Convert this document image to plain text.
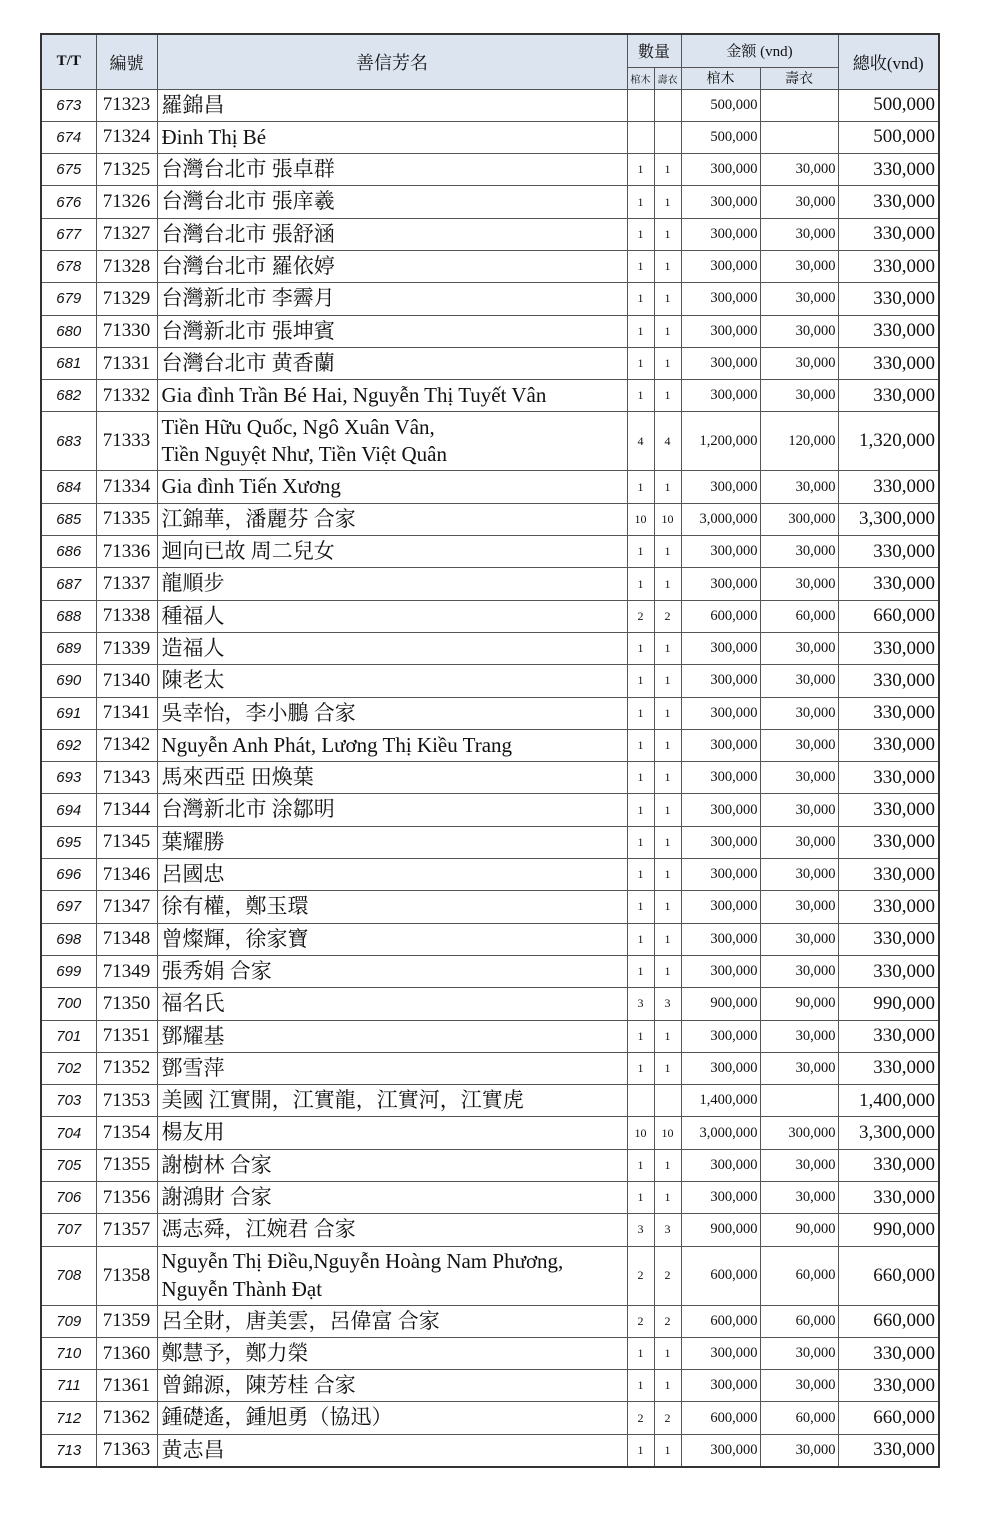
T/T	編號	善信芳名	數量		金额 (vnd)		總收(vnd)
			棺木	壽衣	棺木	壽衣	
673	71323	羅錦昌			500,000		500,000
674	71324	Đinh Thị Bé			500,000		500,000
675	71325	台灣台北市 張卓群	1	1	300,000	30,000	330,000
676	71326	台灣台北市 張庠羲	1	1	300,000	30,000	330,000
677	71327	台灣台北市 張舒涵	1	1	300,000	30,000	330,000
678	71328	台灣台北市 羅依婷	1	1	300,000	30,000	330,000
679	71329	台灣新北市 李霽月	1	1	300,000	30,000	330,000
680	71330	台灣新北市 張坤賓	1	1	300,000	30,000	330,000
681	71331	台灣台北市 黄香蘭	1	1	300,000	30,000	330,000
682	71332	Gia đình Trần Bé Hai, Nguyễn Thị Tuyết Vân	1	1	300,000	30,000	330,000
683	71333	Tiền Hữu Quốc, Ngô Xuân Vân,
Tiền Nguyệt Như, Tiền Việt Quân	4	4	1,200,000	120,000	1,320,000
684	71334	Gia đình Tiến Xương	1	1	300,000	30,000	330,000
685	71335	江錦華，潘麗芬 合家	10	10	3,000,000	300,000	3,300,000
686	71336	迴向已故 周二兒女	1	1	300,000	30,000	330,000
687	71337	龍順步	1	1	300,000	30,000	330,000
688	71338	種福人	2	2	600,000	60,000	660,000
689	71339	造福人	1	1	300,000	30,000	330,000
690	71340	陳老太	1	1	300,000	30,000	330,000
691	71341	吳幸怡，李小鵬 合家	1	1	300,000	30,000	330,000
692	71342	Nguyễn Anh Phát, Lương Thị Kiều Trang	1	1	300,000	30,000	330,000
693	71343	馬來西亞 田煥葉	1	1	300,000	30,000	330,000
694	71344	台灣新北市 涂鄒明	1	1	300,000	30,000	330,000
695	71345	葉耀勝	1	1	300,000	30,000	330,000
696	71346	呂國忠	1	1	300,000	30,000	330,000
697	71347	徐有權，鄭玉環	1	1	300,000	30,000	330,000
698	71348	曾燦輝，徐家寶	1	1	300,000	30,000	330,000
699	71349	張秀娟 合家	1	1	300,000	30,000	330,000
700	71350	福名氏	3	3	900,000	90,000	990,000
701	71351	鄧耀基	1	1	300,000	30,000	330,000
702	71352	鄧雪萍	1	1	300,000	30,000	330,000
703	71353	美國 江實開，江實龍，江實河，江實虎			1,400,000		1,400,000
704	71354	楊友用	10	10	3,000,000	300,000	3,300,000
705	71355	謝樹林 合家	1	1	300,000	30,000	330,000
706	71356	謝鴻財 合家	1	1	300,000	30,000	330,000
707	71357	馮志舜，江婉君 合家	3	3	900,000	90,000	990,000
708	71358	Nguyễn Thị Điều,Nguyễn Hoàng Nam Phương,
Nguyễn Thành Đạt	2	2	600,000	60,000	660,000
709	71359	呂全財，唐美雲，呂偉富 合家	2	2	600,000	60,000	660,000
710	71360	鄭慧予，鄭力榮	1	1	300,000	30,000	330,000
711	71361	曾錦源，陳芳桂 合家	1	1	300,000	30,000	330,000
712	71362	鍾礎遙，鍾旭勇（協迅）	2	2	600,000	60,000	660,000
713	71363	黄志昌	1	1	300,000	30,000	330,000
